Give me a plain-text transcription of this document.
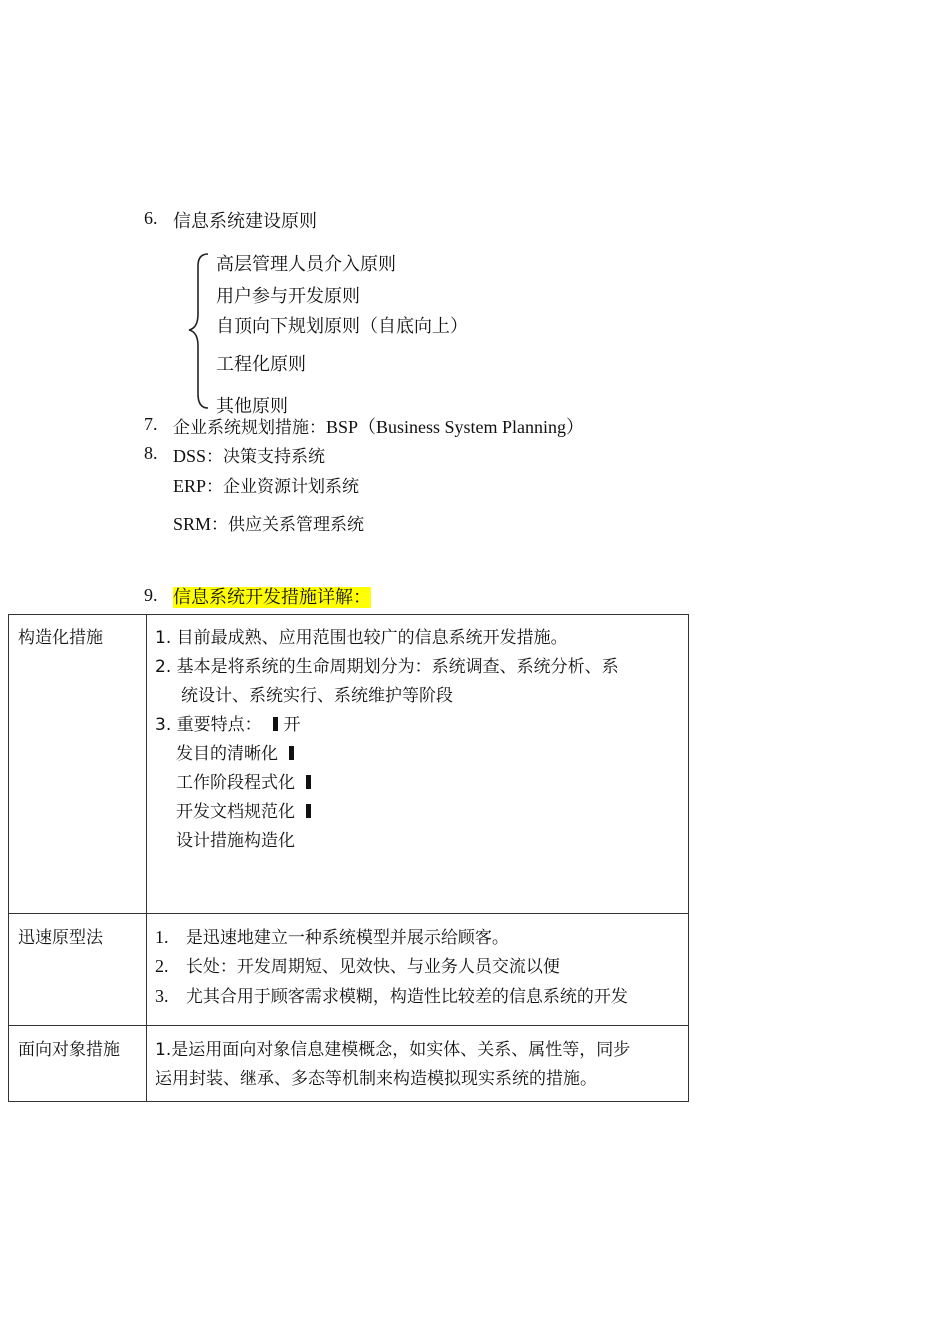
6. 信息系统建设原则
高层管理人员介入原则
用户参与开发原则
自顶向下规划原则（自底向上）
工程化原则
其他原则
7. 企业系统规划措施：BSP（Business System Planning）
8. DSS：决策支持系统
ERP：企业资源计划系统
SRM：供应关系管理系统
9. 信息系统开发措施详解：
构造化措施	1. 目前最成熟、应用范围也较广的信息系统开发措施。
2. 基本是将系统的生命周期划分为：系统调查、系统分析、系
统设计、系统实行、系统维护等阶段
3. 重要特点： 开
发目的清晰化
工作阶段程式化
开发文档规范化
设计措施构造化
迅速原型法	1. 是迅速地建立一种系统模型并展示给顾客。
2. 长处：开发周期短、见效快、与业务人员交流以便
3. 尤其合用于顾客需求模糊，构造性比较差的信息系统的开发
面向对象措施 1.是运用面向对象信息建模概念，如实体、关系、属性等，同步
运用封装、继承、多态等机制来构造模拟现实系统的措施。
